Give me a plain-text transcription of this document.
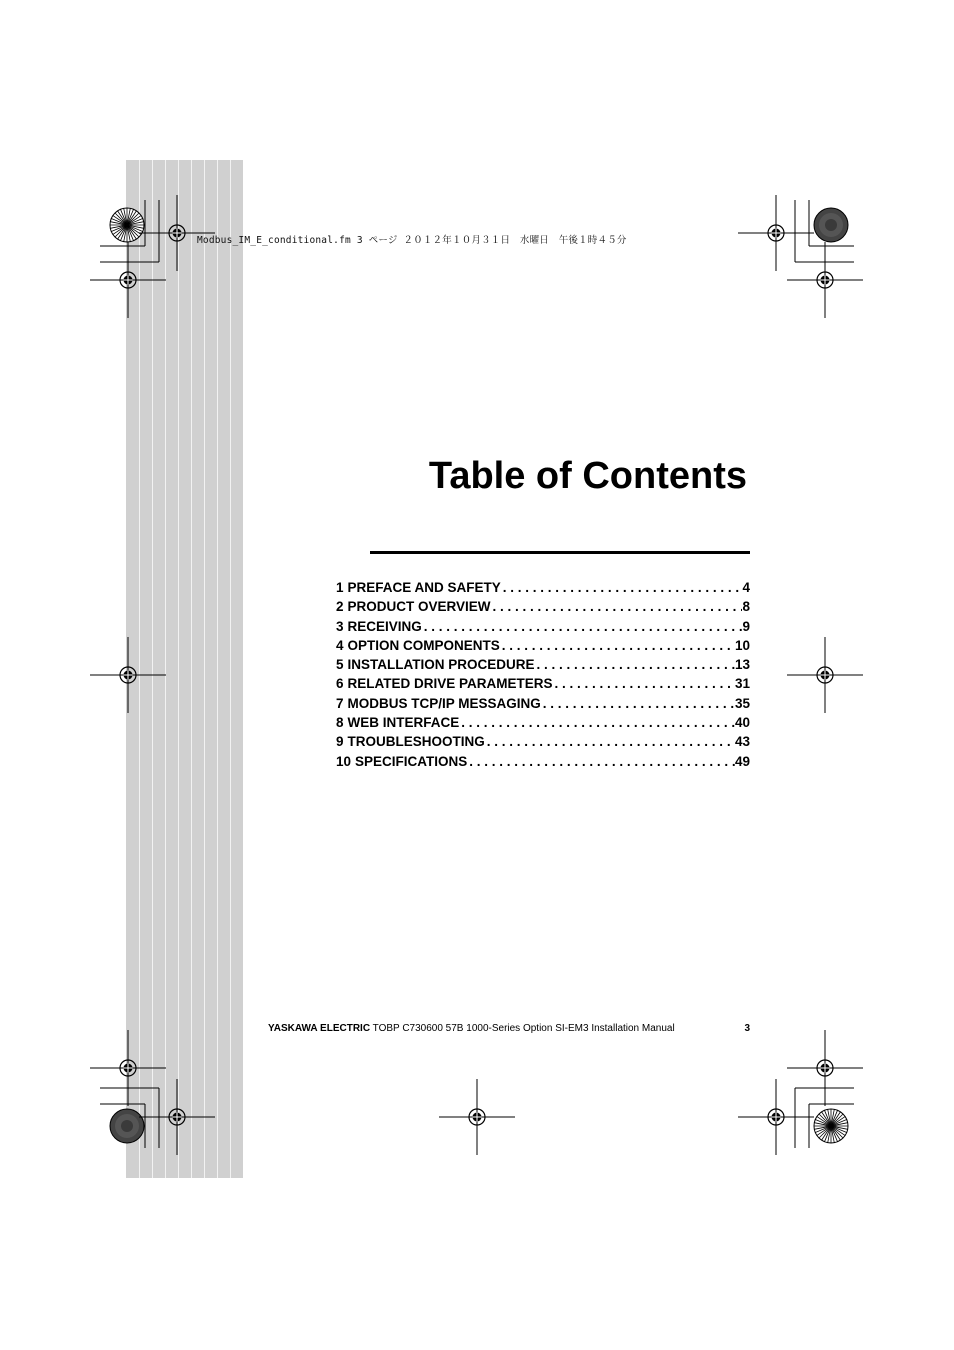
Modbus_IM_E_conditional.fm 3 ページ ２０１２年１０月３１日　水曜日　午後１時４５分
Table of Contents
1 PREFACE AND SAFETY . . .	4
2 PRODUCT OVERVIEW . . .	8
3 RECEIVING . . .	9
4 OPTION COMPONENTS . . .	10
5 INSTALLATION PROCEDURE . . .	13
6 RELATED DRIVE PARAMETERS . . .	31
7 MODBUS TCP/IP MESSAGING . . .	35
8 WEB INTERFACE . . .	40
9 TROUBLESHOOTING . . .	43
10 SPECIFICATIONS . . .	49
YASKAWA ELECTRIC TOBP C730600 57B 1000-Series Option SI-EM3 Installation Manual	3
